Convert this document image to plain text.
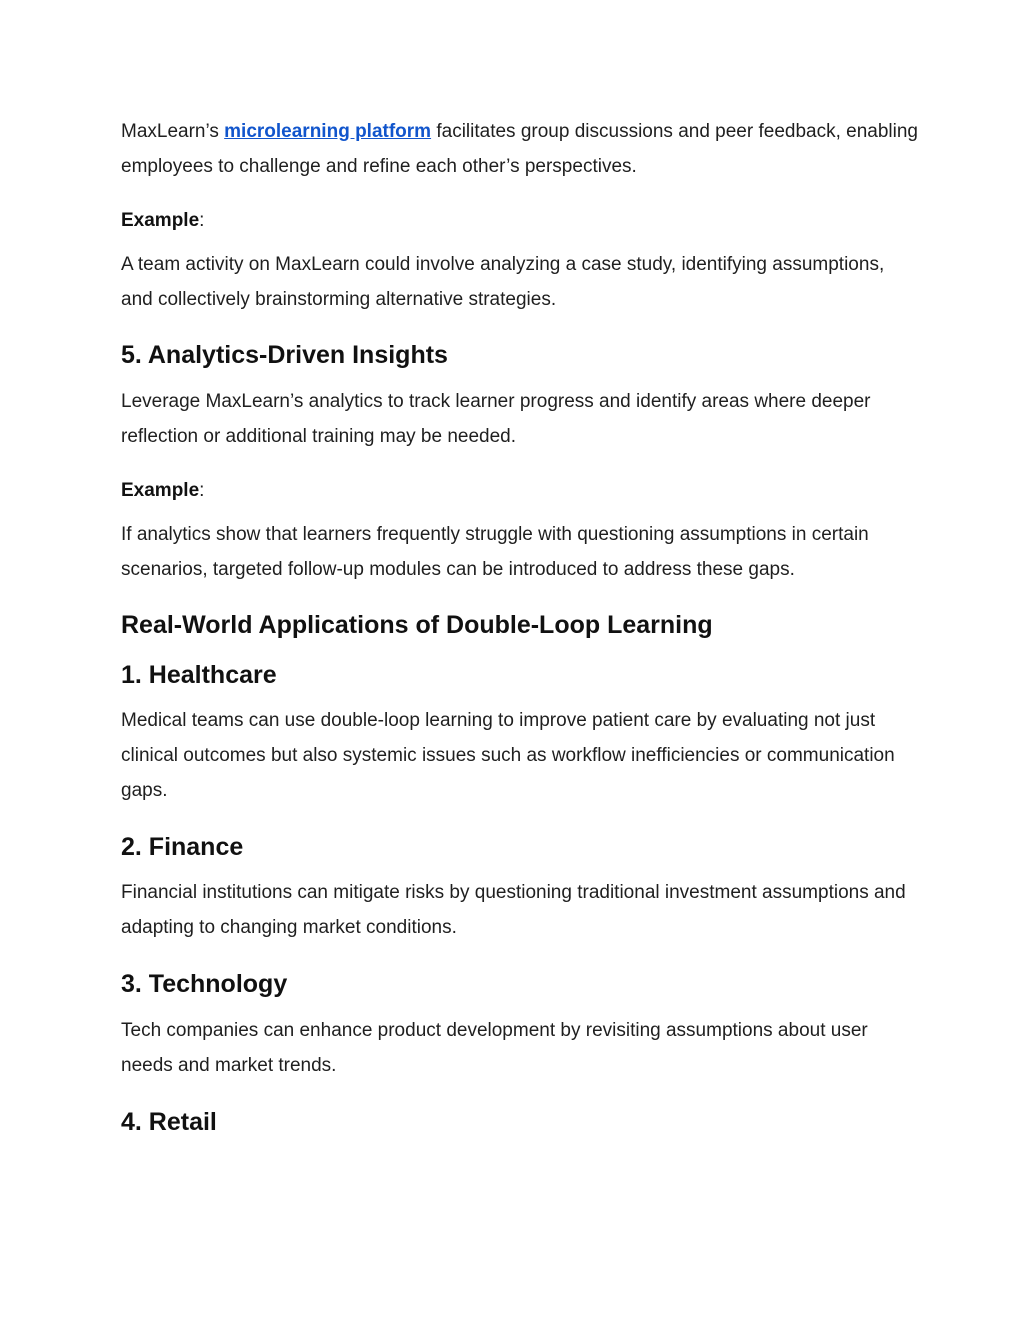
MaxLearn’s microlearning platform facilitates group discussions and peer feedback, enabling employees to challenge and refine each other’s perspectives.

Example:

A team activity on MaxLearn could involve analyzing a case study, identifying assumptions, and collectively brainstorming alternative strategies.

5. Analytics-Driven Insights

Leverage MaxLearn’s analytics to track learner progress and identify areas where deeper reflection or additional training may be needed.

Example:

If analytics show that learners frequently struggle with questioning assumptions in certain scenarios, targeted follow-up modules can be introduced to address these gaps.

Real-World Applications of Double-Loop Learning
1. Healthcare

Medical teams can use double-loop learning to improve patient care by evaluating not just clinical outcomes but also systemic issues such as workflow inefficiencies or communication gaps.

2. Finance

Financial institutions can mitigate risks by questioning traditional investment assumptions and adapting to changing market conditions.

3. Technology

Tech companies can enhance product development by revisiting assumptions about user needs and market trends.

4. Retail
